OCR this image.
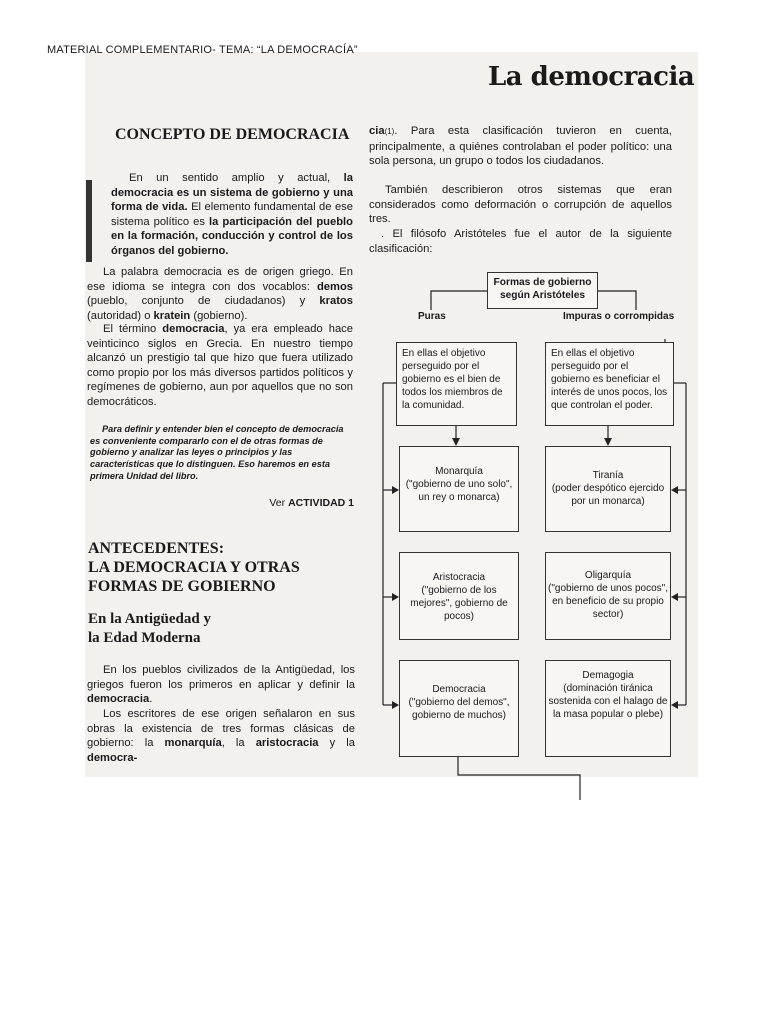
MATERIAL COMPLEMENTARIO- TEMA: “LA DEMOCRACÍA”
La democracia
CONCEPTO DE DEMOCRACIA
En un sentido amplio y actual, la democracia es un sistema de gobierno y una forma de vida. El elemento fundamental de ese sistema político es la participación del pueblo en la formación, conducción y control de los órganos del gobierno.
La palabra democracia es de origen griego. En ese idioma se integra con dos vocablos: demos (pueblo, conjunto de ciudadanos) y kratos (autoridad) o kratein (gobierno).
El término democracia, ya era empleado hace veinticinco siglos en Grecia. En nuestro tiempo alcanzó un prestigio tal que hizo que fuera utilizado como propio por los más diversos partidos políticos y regímenes de gobierno, aun por aquellos que no son democráticos.
Para definir y entender bien el concepto de democracia es conveniente compararlo con el de otras formas de gobierno y analizar las leyes o principios y las características que lo distinguen. Eso haremos en esta primera Unidad del libro.
Ver ACTIVIDAD 1
ANTECEDENTES:
LA DEMOCRACIA Y OTRAS
FORMAS DE GOBIERNO
En la Antigüedad y
la Edad Moderna
En los pueblos civilizados de la Antigüedad, los griegos fueron los primeros en aplicar y definir la democracia.
Los escritores de ese origen señalaron en sus obras la existencia de tres formas clásicas de gobierno: la monarquía, la aristocracia y la democra-
cia(1). Para esta clasificación tuvieron en cuenta, principalmente, a quiénes controlaban el poder político: una sola persona, un grupo o todos los ciudadanos.
También describieron otros sistemas que eran considerados como deformación o corrupción de aquellos tres.
. El filósofo Aristóteles fue el autor de la siguiente clasificación:
Formas de gobierno según Aristóteles
Puras	Impuras o corrompidas
En ellas el objetivo perseguido por el gobierno es el bien de todos los miembros de la comunidad.
En ellas el objetivo perseguido por el gobierno es beneficiar el interés de unos pocos, los que controlan el poder.
Monarquía
("gobierno de uno solo", un rey o monarca)
Aristocracia
("gobierno de los mejores", gobierno de pocos)
Democracia
("gobierno del demos", gobierno de muchos)
Tiranía
(poder despótico ejercido por un monarca)
Oligarquía
("gobierno de unos pocos", en beneficio de su propio sector)
Demagogia
(dominación tiránica sostenida con el halago de la masa popular o plebe)
